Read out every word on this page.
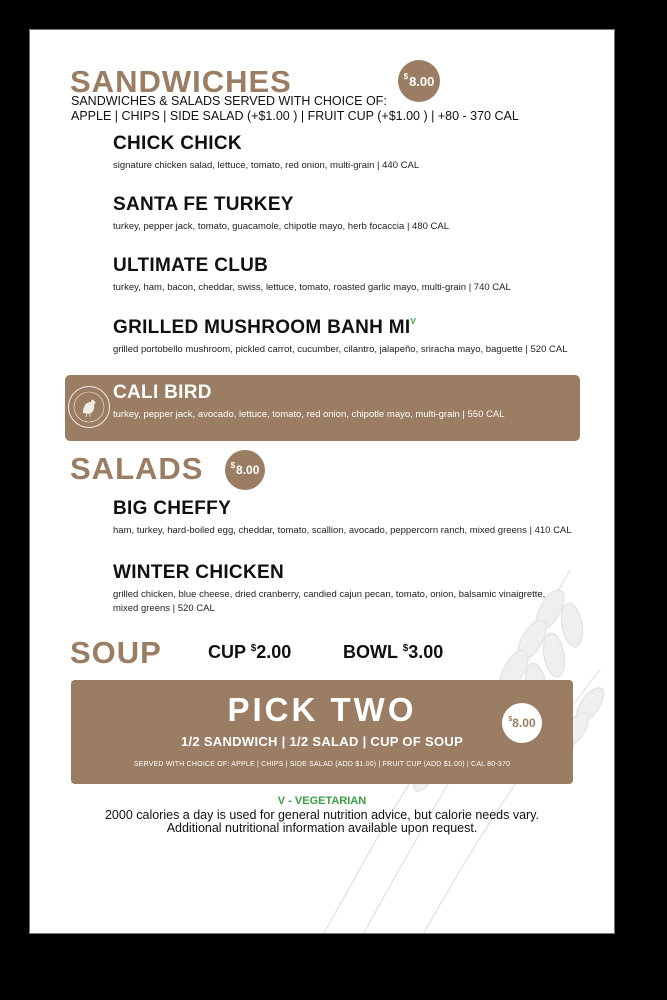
SANDWICHES	$ 8.00
SANDWICHES & SALADS SERVED WITH CHOICE OF:
APPLE | CHIPS | SIDE SALAD (+$1.00 ) | FRUIT CUP (+$1.00 ) | +80 - 370 CAL
CHICK CHICK
signature chicken salad, lettuce, tomato, red onion, multi-grain | 440 CAL
SANTA FE TURKEY
turkey, pepper jack, tomato, guacamole, chipotle mayo, herb focaccia | 480 CAL
ULTIMATE CLUB
turkey, ham, bacon, cheddar, swiss, lettuce, tomato, roasted garlic mayo, multi-grain | 740 CAL
GRILLED MUSHROOM BANH $MI^V$
grilled portobello mushroom, pickled carrot, cucumber, cilantro, jalapeño, sriracha mayo, baguette | 520 CAL
CALI BIRD
turkey, pepper jack, avocado, lettuce, tomato, red onion, chipotle mayo, multi-grain | 550 CAL
SALADS	$ 8.00
BIG CHEFFY
ham, turkey, hard-boiled egg, cheddar, tomato, scallion, avocado, peppercorn ranch, mixed greens | 410 CAL
WINTER CHICKEN
grilled chicken, blue cheese, dried cranberry, candied cajun pecan, tomato, onion, balsamic vinaigrette, mixed greens | 520 CAL
SOUP	CUP $2.00	BOWL $3.00
PICK TWO
1/2 SANDWICH | 1/2 SALAD | CUP OF SOUP
SERVED WITH CHOICE OF: APPLE | CHIPS | SIDE SALAD (ADD $1.00) | FRUIT CUP (ADD $1.00) | CAL 80-370
$ 8.00
V - VEGETARIAN
2000 calories a day is used for general nutrition advice, but calorie needs vary.
Additional nutritional information available upon request.
